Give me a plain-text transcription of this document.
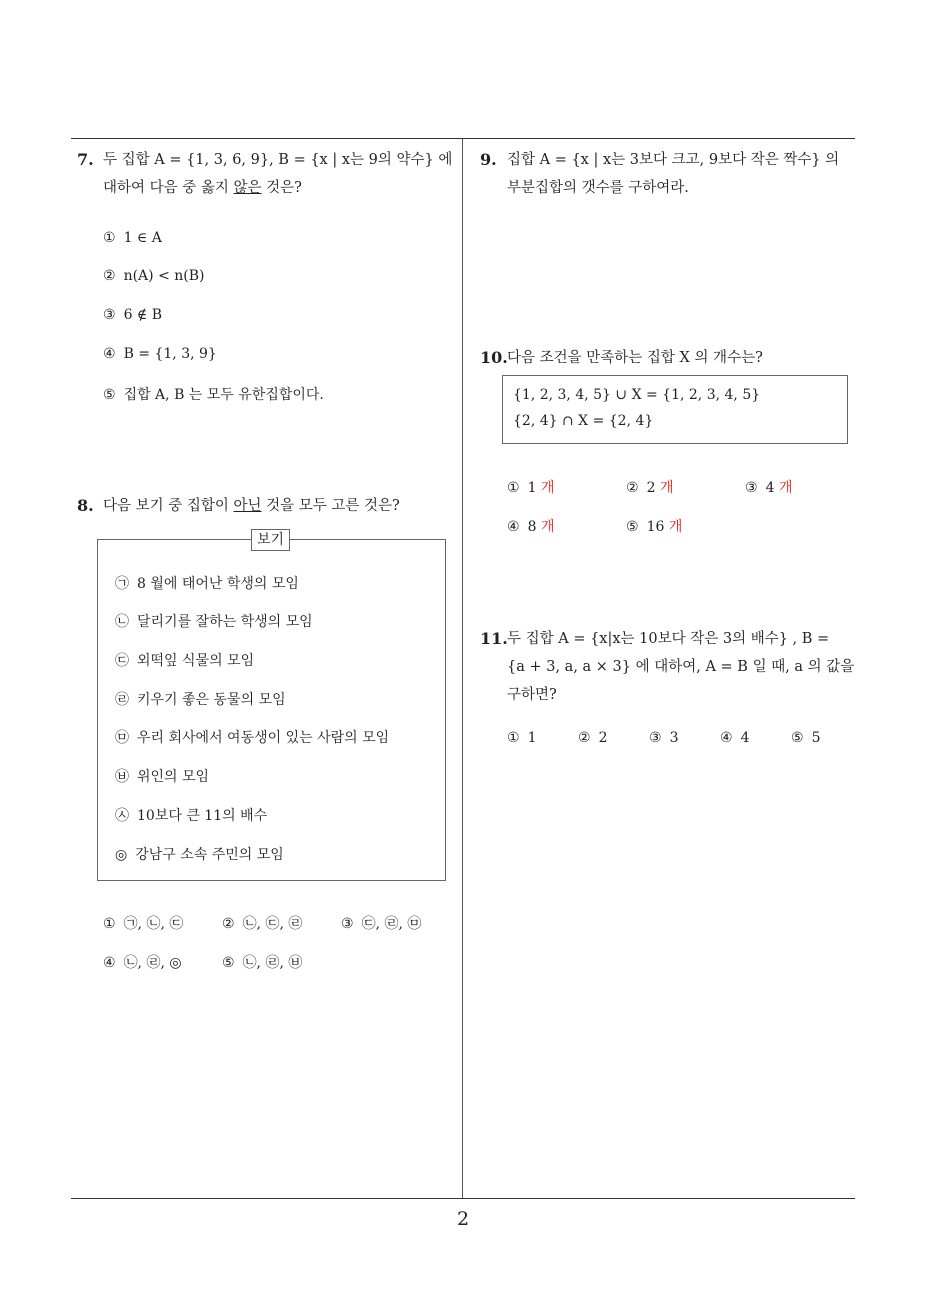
7. 두 집합 A = {1, 3, 6, 9}, B = {x | x는 9의 약수} 에
대하여 다음 중 옳지 않은 것은?
① 1 ∈ A
② n(A) < n(B)
③ 6 ∉ B
④ B = {1, 3, 9}
⑤ 집합 A, B 는 모두 유한집합이다.
8. 다음 보기 중 집합이 아닌 것을 모두 고른 것은?
보기
㉠ 8 월에 태어난 학생의 모임
㉡ 달리기를 잘하는 학생의 모임
㉢ 외떡잎 식물의 모임
㉣ 키우기 좋은 동물의 모임
㉤ 우리 회사에서 여동생이 있는 사람의 모임
㉥ 위인의 모임
㉦ 10보다 큰 11의 배수
◎ 강남구 소속 주민의 모임
① ㉠, ㉡, ㉢	② ㉡, ㉢, ㉣	③ ㉢, ㉣, ㉤
④ ㉡, ㉣, ◎	⑤ ㉡, ㉣, ㉥
9. 집합 A = {x | x는 3보다 크고, 9보다 작은 짝수} 의
부분집합의 갯수를 구하여라.
10. 다음 조건을 만족하는 집합 X 의 개수는?
{1, 2, 3, 4, 5} ∪ X = {1, 2, 3, 4, 5}
{2, 4} ∩ X = {2, 4}
① 1 개	② 2 개	③ 4 개
④ 8 개	⑤ 16 개
11. 두 집합 A = {x|x는 10보다 작은 3의 배수} , B =
{a + 3, a, a × 3} 에 대하여, A = B 일 때, a 의 값을
구하면?
① 1	② 2	③ 3	④ 4	⑤ 5
2
